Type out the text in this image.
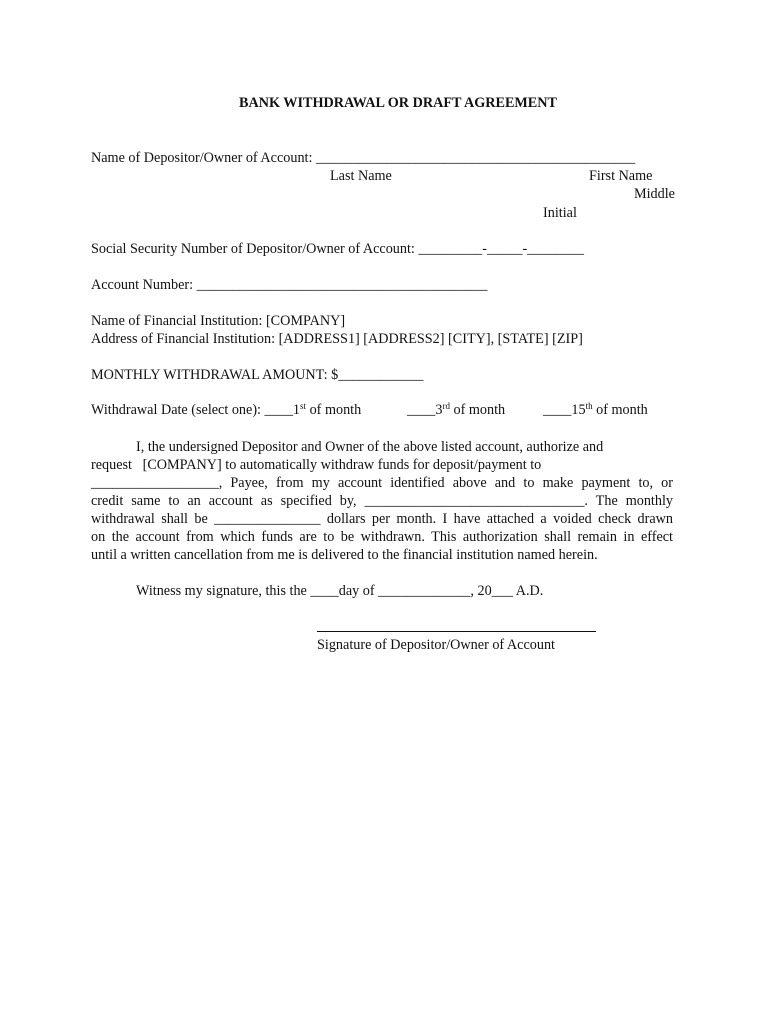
BANK WITHDRAWAL OR DRAFT AGREEMENT
Name of Depositor/Owner of Account: _____________________________________________
Last Name	First Name
Middle
Initial
Social Security Number of Depositor/Owner of Account: _________-_____-________
Account Number: _________________________________________
Name of Financial Institution: [COMPANY]
Address of Financial Institution: [ADDRESS1] [ADDRESS2] [CITY], [STATE] [ZIP]
MONTHLY WITHDRAWAL AMOUNT: $____________
Withdrawal Date (select one): ____1st of month	____3rd of month	____15th of month
I, the undersigned Depositor and Owner of the above listed account, authorize and
request   [COMPANY] to automatically withdraw funds for deposit/payment to
__________________, Payee, from my account identified above and to make payment to, or
credit same to an account as specified by, _______________________________. The monthly
withdrawal shall be _______________ dollars per month. I have attached a voided check drawn
on the account from which funds are to be withdrawn. This authorization shall remain in effect
until a written cancellation from me is delivered to the financial institution named herein.
Witness my signature, this the ____day of _____________, 20___ A.D.
Signature of Depositor/Owner of Account
